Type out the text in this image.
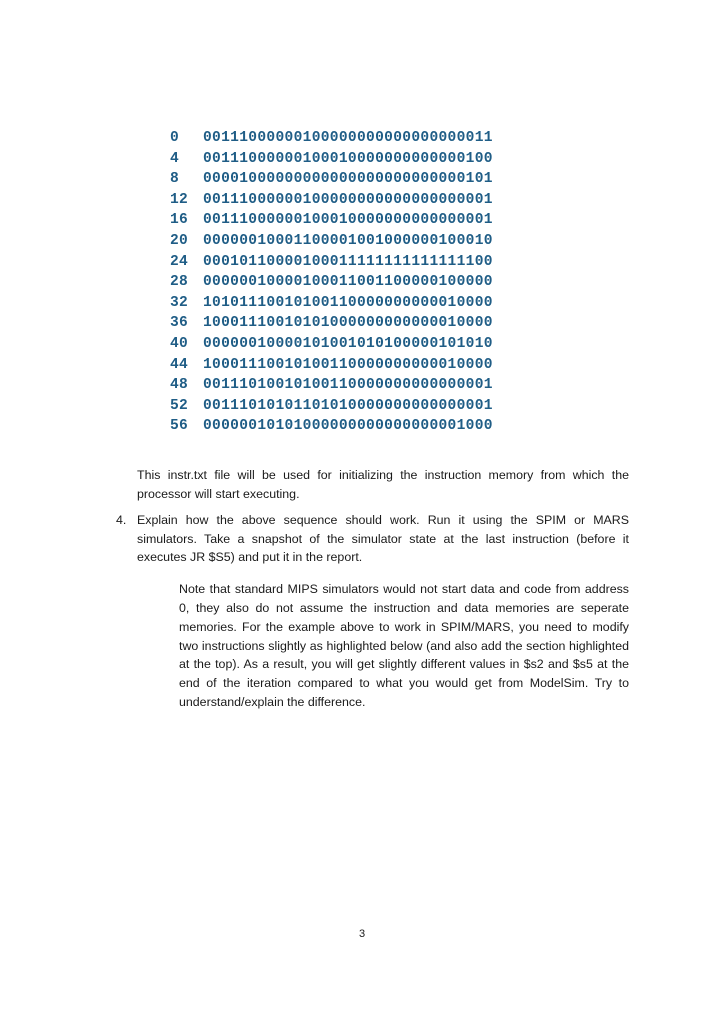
0	00111000000100000000000000000011
4	00111000000100010000000000000100
8	00001000000000000000000000000101
12	00111000000100000000000000000001
16	00111000000100010000000000000001
20	00000010001100001001000000100010
24	00010110000100011111111111111100
28	00000010000100011001100000100000
32	10101110010100110000000000010000
36	10001110010101000000000000010000
40	00000010000101001010100000101010
44	10001110010100110000000000010000
48	00111010010100110000000000000001
52	00111010101101010000000000000001
56	00000010101000000000000000001000

This instr.txt file will be used for initializing the instruction memory from which the processor will start executing.

4. Explain how the above sequence should work. Run it using the SPIM or MARS simulators. Take a snapshot of the simulator state at the last instruction (before it executes JR $S5) and put it in the report.

Note that standard MIPS simulators would not start data and code from address 0, they also do not assume the instruction and data memories are seperate memories. For the example above to work in SPIM/MARS, you need to modify two instructions slightly as highlighted below (and also add the section highlighted at the top). As a result, you will get slightly different values in $s2 and $s5 at the end of the iteration compared to what you would get from ModelSim. Try to understand/explain the difference.

3
